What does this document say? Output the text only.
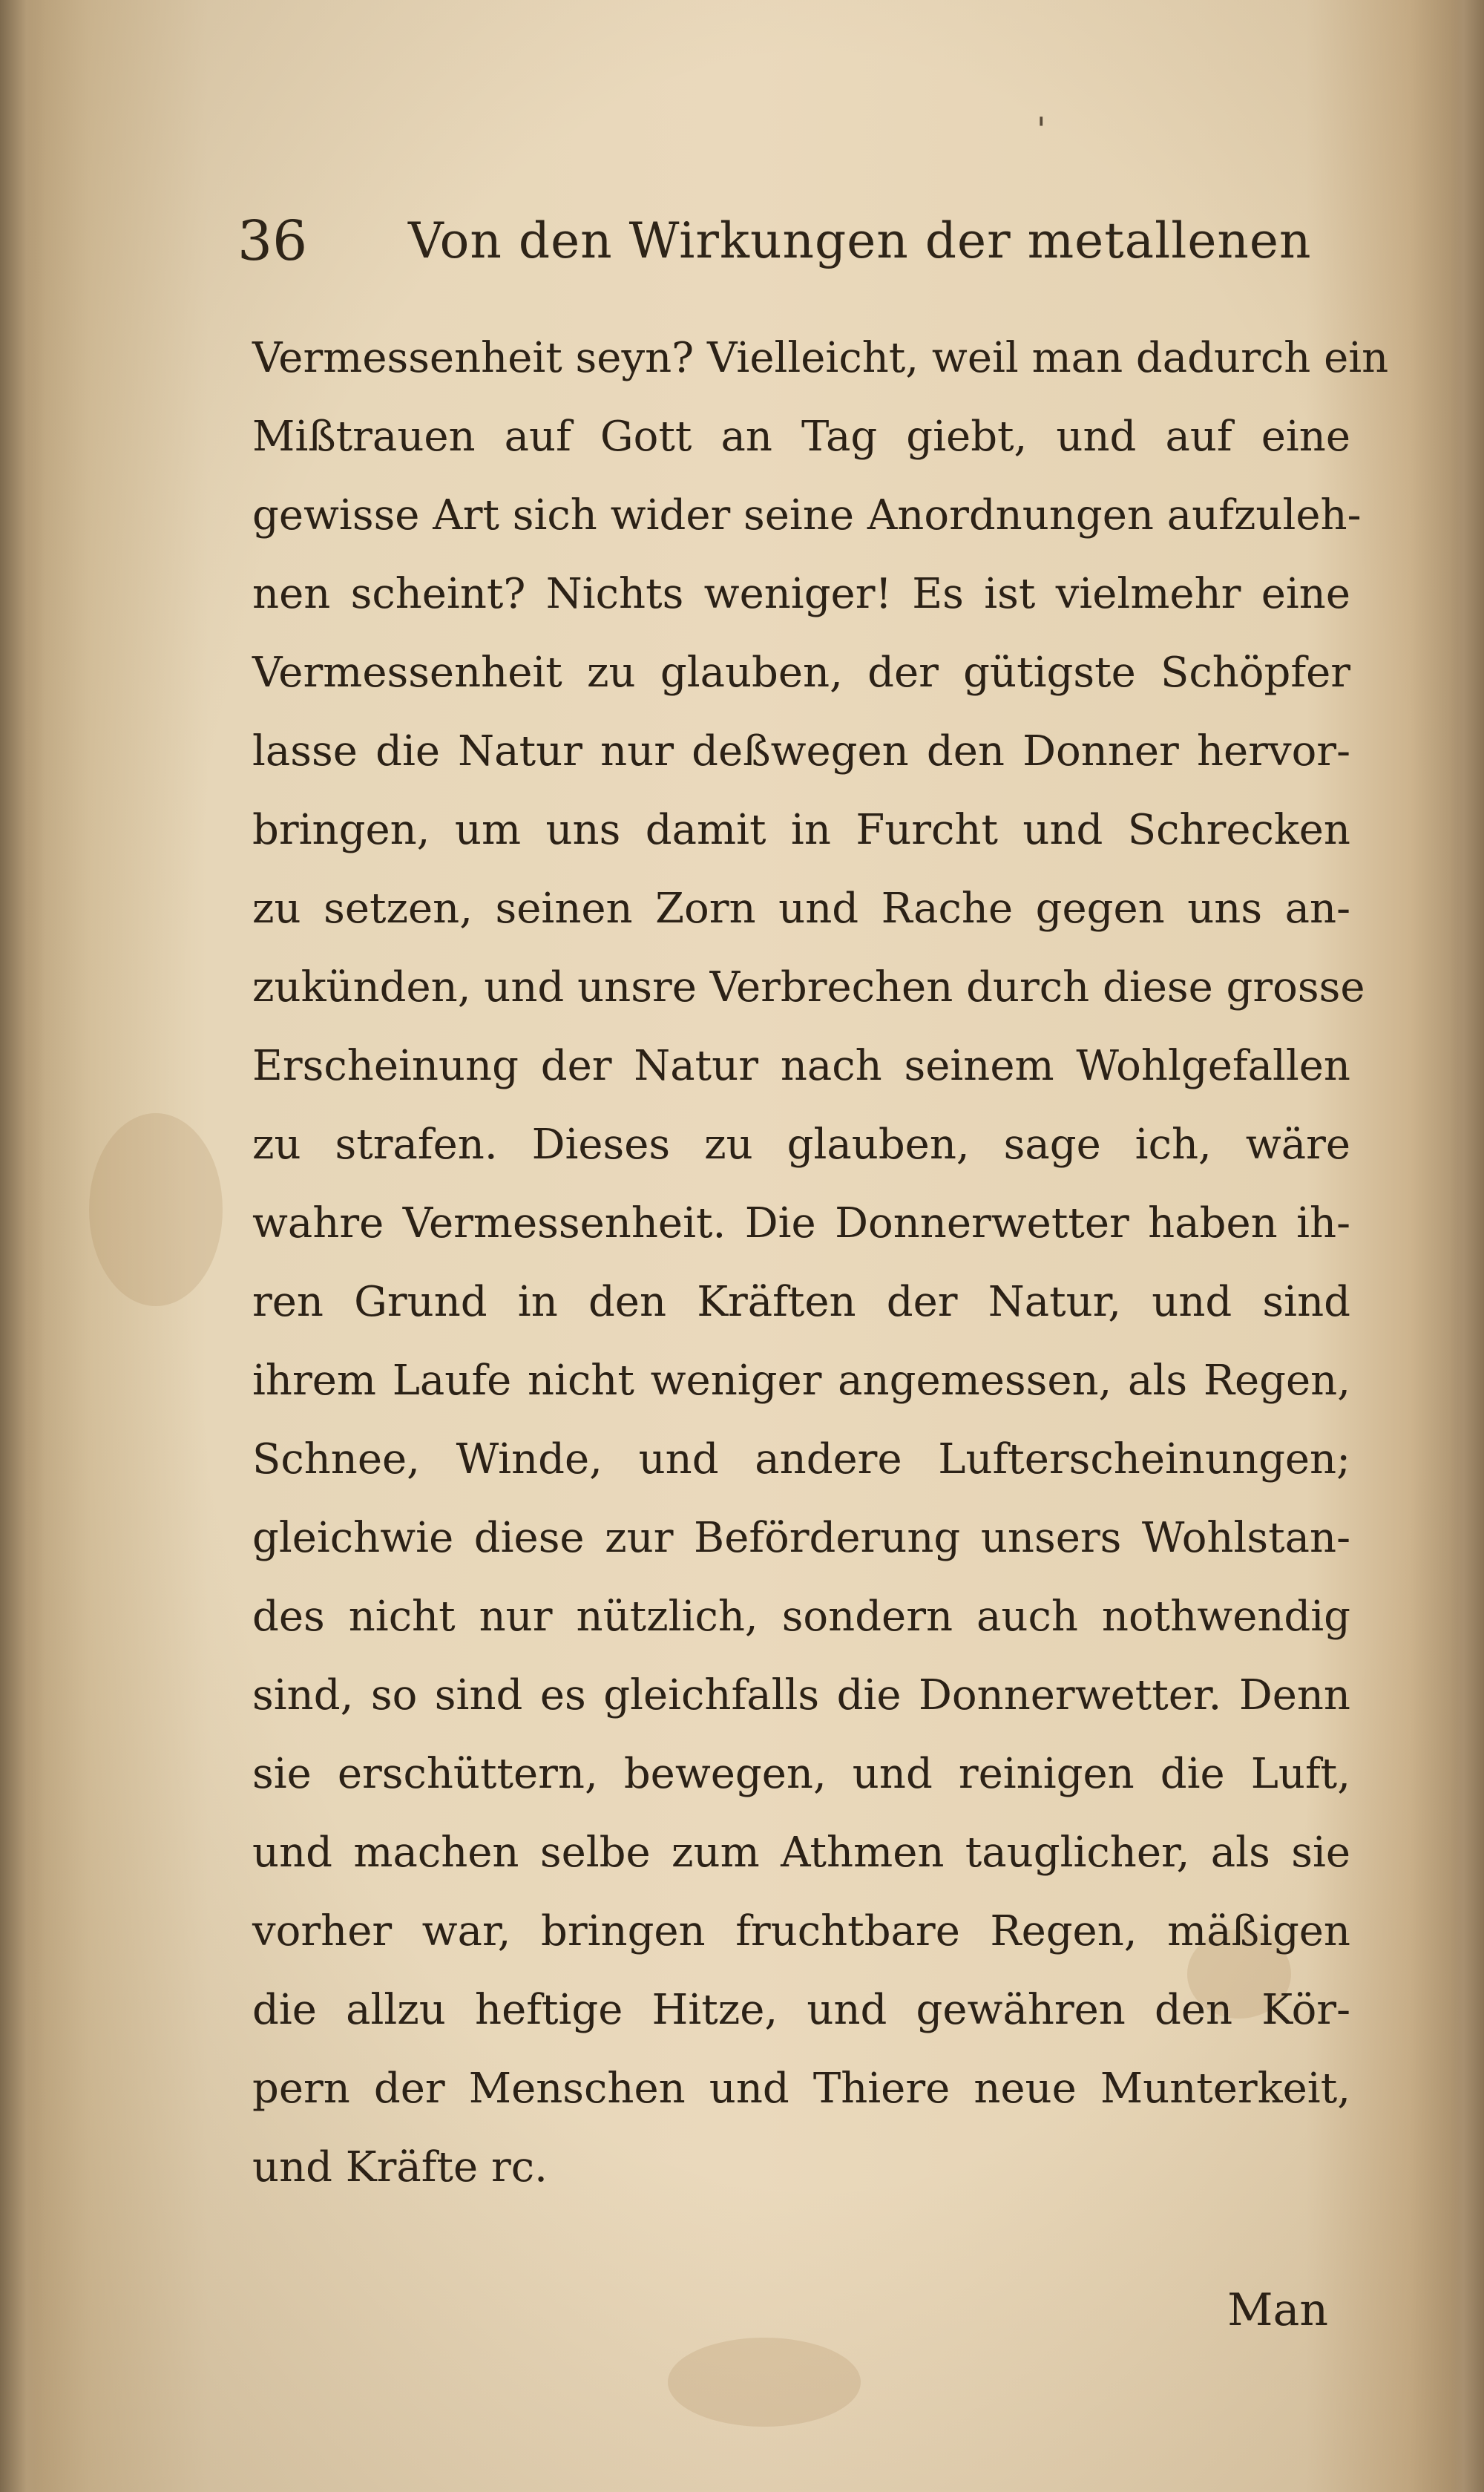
ˈ
36 Von den Wirkungen der metallenen
Vermessenheit seyn? Vielleicht, weil man dadurch ein
Mißtrauen auf Gott an Tag giebt, und auf eine
gewisse Art sich wider seine Anordnungen aufzuleh-
nen scheint? Nichts weniger! Es ist vielmehr eine
Vermessenheit zu glauben, der gütigste Schöpfer
lasse die Natur nur deßwegen den Donner hervor-
bringen, um uns damit in Furcht und Schrecken
zu setzen, seinen Zorn und Rache gegen uns an-
zukünden, und unsre Verbrechen durch diese grosse
Erscheinung der Natur nach seinem Wohlgefallen
zu strafen. Dieses zu glauben, sage ich, wäre
wahre Vermessenheit. Die Donnerwetter haben ih-
ren Grund in den Kräften der Natur, und sind
ihrem Laufe nicht weniger angemessen, als Regen,
Schnee, Winde, und andere Lufterscheinungen;
gleichwie diese zur Beförderung unsers Wohlstan-
des nicht nur nützlich, sondern auch nothwendig
sind, so sind es gleichfalls die Donnerwetter. Denn
sie erschüttern, bewegen, und reinigen die Luft,
und machen selbe zum Athmen tauglicher, als sie
vorher war, bringen fruchtbare Regen, mäßigen
die allzu heftige Hitze, und gewähren den Kör-
pern der Menschen und Thiere neue Munterkeit,
und Kräfte rc.
Man
